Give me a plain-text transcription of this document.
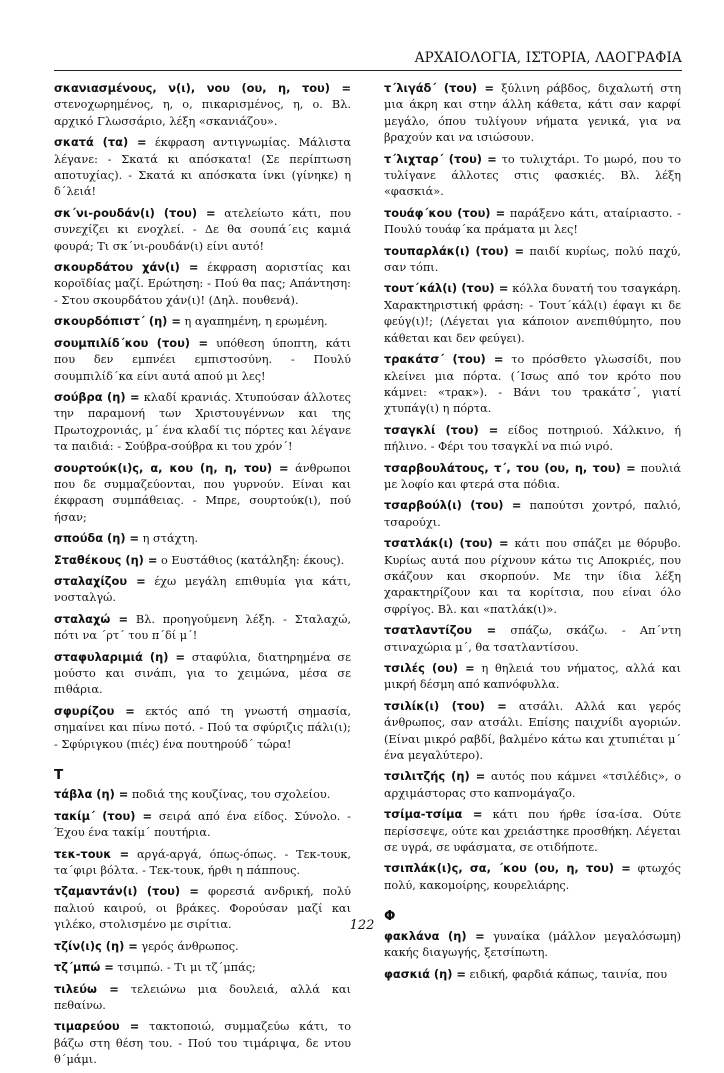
ΑΡΧΑΙΟΛΟΓΙΑ, ΙΣΤΟΡΙΑ, ΛΑΟΓΡΑΦΙΑ

σκανιασμένους, ν(ι), νου (ου, η, του) = στενοχωρημένος, η, ο, πικαρισμένος, η, ο. Βλ. αρχικό Γλωσσάριο, λέξη «σκανιάζου».

σκατά (τα) = έκφραση αντιγνωμίας. Μάλιστα λέγανε: - Σκατά κι απόσκατα! (Σε περίπτωση αποτυχίας). - Σκατά κι απόσκατα ίνκι (γίνηκε) η δ΄λειά!

σκ΄νι-ρουδάν(ι) (του) = ατελείωτο κάτι, που συνεχίζει κι ενοχλεί. - Δε θα σουπά΄εις καμιά φουρά; Τι σκ΄νι-ρουδάν(ι) είνι αυτό!

σκουρδάτου χάν(ι) = έκφραση αοριστίας και κοροϊδίας μαζί. Ερώτηση: - Πού θα πας; Απάντηση: - Στου σκουρδάτου χάν(ι)! (Δηλ. πουθενά).

σκουρδόπιστ΄ (η) = η αγαπημένη, η ερωμένη.

σουμπιλίδ΄κου (του) = υπόθεση ύποπτη, κάτι που δεν εμπνέει εμπιστοσύνη. - Πουλύ σουμπιλίδ΄κα είνι αυτά απού μι λες!

σούβρα (η) = κλαδί κρανιάς. Χτυπούσαν άλλοτες την παραμονή των Χριστουγέννων και της Πρωτοχρονιάς, μ΄ ένα κλαδί τις πόρτες και λέγανε τα παιδιά: - Σούβρα-σούβρα κι του χρόν΄!

σουρτούκ(ι)ς, α, κου (η, η, του) = άνθρωποι που δε συμμαζεύονται, που γυρνούν. Είναι και έκφραση συμπάθειας. - Μπρε, σουρτούκ(ι), πού ήσαν;

σπούδα (η) = η στάχτη.

Σταθέκους (η) = ο Ευστάθιος (κατάληξη: έκους).

σταλαχίζου = έχω μεγάλη επιθυμία για κάτι, νοσταλγώ.

σταλαχώ = Βλ. προηγούμενη λέξη. - Σταλαχώ, πότι να ΄ρτ΄ του π΄δί μ΄!

σταφυλαριμιά (η) = σταφύλια, διατηρημένα σε μούστο και σινάπι, για το χειμώνα, μέσα σε πιθάρια.

σφυρίζου = εκτός από τη γνωστή σημασία, σημαίνει και πίνω ποτό. - Πού τα σφύριζις πάλι(ι); - Σφύριγκου (πιές) ένα πουτηρούδ΄ τώρα!

Τ

τάβλα (η) = ποδιά της κουζίνας, του σχολείου.

τακίμ΄ (του) = σειρά από ένα είδος. Σύνολο. - Έχου ένα τακίμ΄ πουτήρια.

τεκ-τουκ = αργά-αργά, όπως-όπως. - Τεκ-τουκ, τα΄φιρι βόλτα. - Τεκ-τουκ, ήρθι η πάππους.

τζαμαντάν(ι) (του) = φορεσιά ανδρική, πολύ παλιού καιρού, οι βράκες. Φορούσαν μαζί και γιλέκο, στολισμένο με σιρίτια.

τζίν(ι)ς (η) = γερός άνθρωπος.

τζ΄μπώ = τσιμπώ. - Τι μι τζ΄μπάς;

τιλεύω = τελειώνω μια δουλειά, αλλά και πεθαίνω.

τιμαρεύου = τακτοποιώ, συμμαζεύω κάτι, το βάζω στη θέση του. - Πού του τιμάριψα, δε ντου θ΄μάμι.

τ΄λιγάδ΄ (του) = ξύλινη ράβδος, διχαλωτή στη μια άκρη και στην άλλη κάθετα, κάτι σαν καρφί μεγάλο, όπου τυλίγουν νήματα γενικά, για να βραχούν και να ισιώσουν.

τ΄λιχταρ΄ (του) = το τυλιχτάρι. Το μωρό, που το τυλίγανε άλλοτες στις φασκιές. Βλ. λέξη «φασκιά».

τουάφ΄κου (του) = παράξενο κάτι, αταίριαστο. - Πουλύ τουάφ΄κα πράματα μι λες!

τουπαρλάκ(ι) (του) = παιδί κυρίως, πολύ παχύ, σαν τόπι.

τουτ΄κάλ(ι) (του) = κόλλα δυνατή του τσαγκάρη. Χαρακτηριστική φράση: - Τουτ΄κάλ(ι) έφαγι κι δε φεύγ(ι)!; (Λέγεται για κάποιον ανεπιθύμητο, που κάθεται και δεν φεύγει).

τρακάτσ΄ (του) = το πρόσθετο γλωσσίδι, που κλείνει μια πόρτα. (΄Ισως από τον κρότο που κάμνει: «τρακ»). - Βάνι του τρακάτσ΄, γιατί χτυπάγ(ι) η πόρτα.

τσαγκλί (του) = είδος ποτηριού. Χάλκινο, ή πήλινο. - Φέρι του τσαγκλί να πιώ νιρό.

τσαρβουλάτους, τ΄, του (ου, η, του) = πουλιά με λοφίο και φτερά στα πόδια.

τσαρβούλ(ι) (του) = παπούτσι χοντρό, παλιό, τσαρούχι.

τσατλάκ(ι) (του) = κάτι που σπάζει με θόρυβο. Κυρίως αυτά που ρίχνουν κάτω τις Αποκριές, που σκάζουν και σκορπούν. Με την ίδια λέξη χαρακτηρίζουν και τα κορίτσια, που είναι όλο σφρίγος. Βλ. και «πατλάκ(ι)».

τσατλαντίζου = σπάζω, σκάζω. - Απ΄ντη στιναχώρια μ΄, θα τσατλαντίσου.

τσιλές (ου) = η θηλειά του νήματος, αλλά και μικρή δέσμη από καπνόφυλλα.

τσιλίκ(ι) (του) = ατσάλι. Αλλά και γερός άνθρωπος, σαν ατσάλι. Επίσης παιχνίδι αγοριών. (Είναι μικρό ραβδί, βαλμένο κάτω και χτυπιέται μ΄ ένα μεγαλύτερο).

τσιλιτζής (η) = αυτός που κάμνει «τσιλέδις», ο αρχιμάστορας στο καπνομάγαζο.

τσίμα-τσίμα = κάτι που ήρθε ίσα-ίσα. Ούτε περίσσεψε, ούτε και χρειάστηκε προσθήκη. Λέγεται σε υγρά, σε υφάσματα, σε οτιδήποτε.

τσιπλάκ(ι)ς, σα, ΄κου (ου, η, του) = φτωχός πολύ, κακομοίρης, κουρελιάρης.

Φ

φακλάνα (η) = γυναίκα (μάλλον μεγαλόσωμη) κακής διαγωγής, ξετσίπωτη.

φασκιά (η) = ειδική, φαρδιά κάπως, ταινία, που

122
